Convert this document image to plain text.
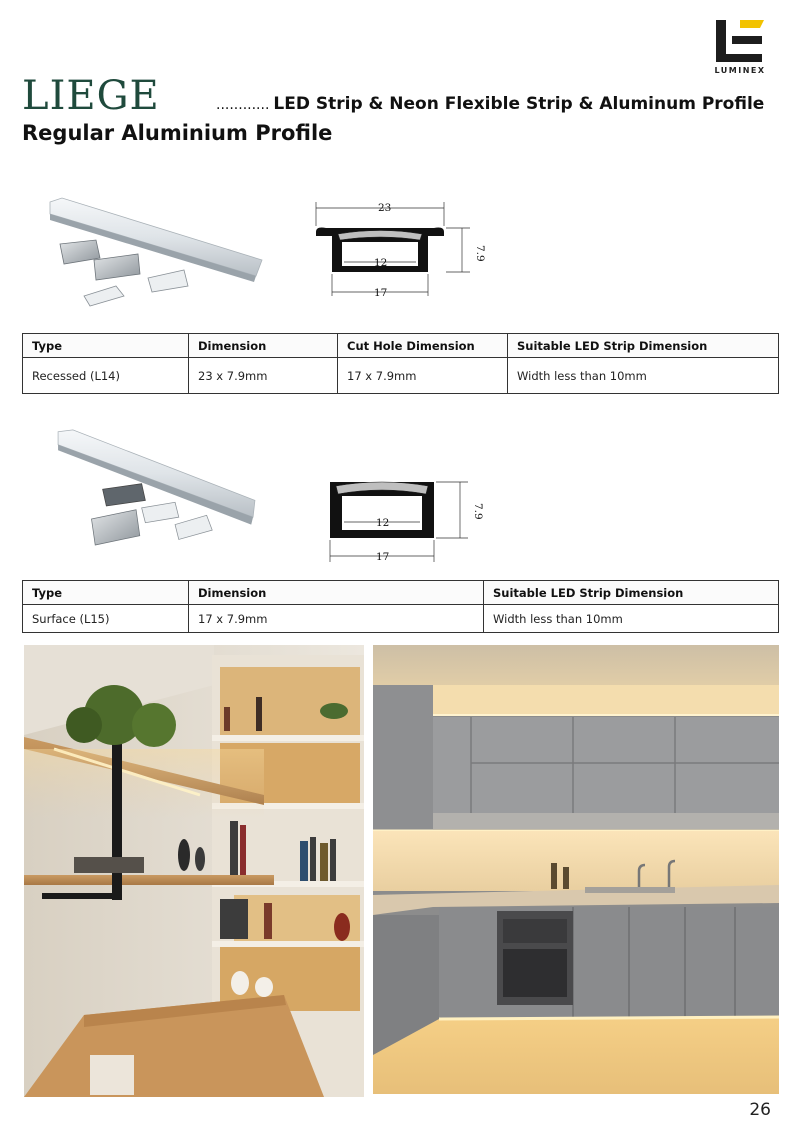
LUMINEX
LIEGE	............ LED Strip & Neon Flexible Strip & Aluminum Profile
Regular Aluminium Profile
23
12
7.9
17
Type	Dimension	Cut Hole Dimension	Suitable LED Strip Dimension
Recessed (L14)	23 x 7.9mm	17 x 7.9mm	Width less than 10mm
12
7.9
17
Type	Dimension	Suitable LED Strip Dimension
Surface (L15)	17 x 7.9mm	Width less than 10mm
26
